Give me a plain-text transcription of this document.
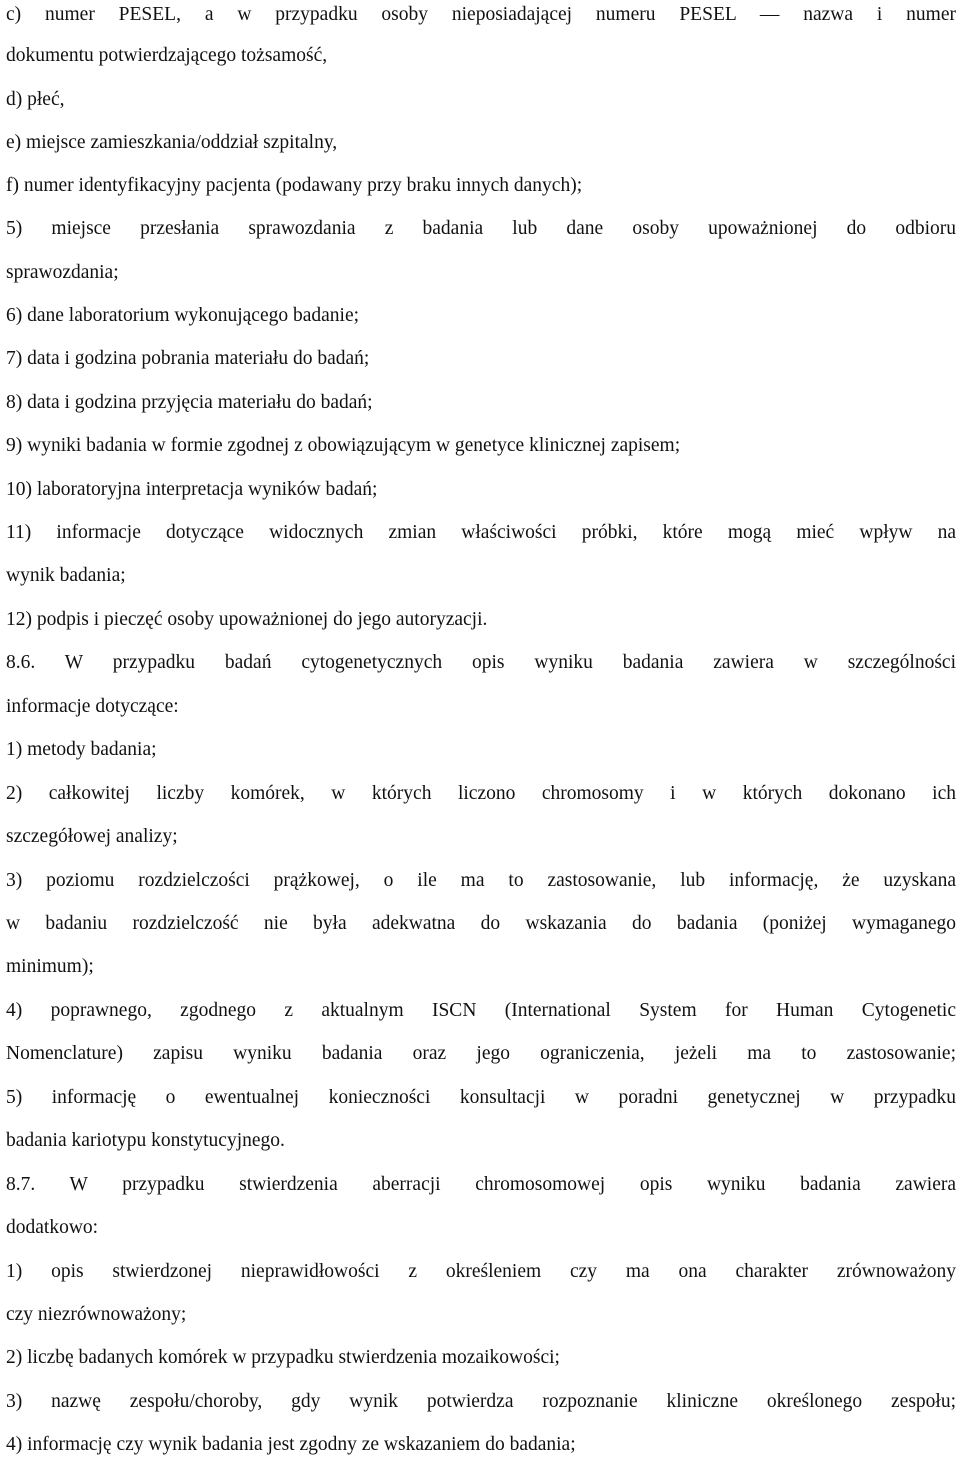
c) numer PESEL, a w przypadku osoby nieposiadającej numeru PESEL — nazwa i numer
dokumentu potwierdzającego tożsamość,
d) płeć,
e) miejsce zamieszkania/oddział szpitalny,
f) numer identyfikacyjny pacjenta (podawany przy braku innych danych);
5) miejsce przesłania sprawozdania z badania lub dane osoby upoważnionej do odbioru
sprawozdania;
6) dane laboratorium wykonującego badanie;
7) data i godzina pobrania materiału do badań;
8) data i godzina przyjęcia materiału do badań;
9) wyniki badania w formie zgodnej z obowiązującym w genetyce klinicznej zapisem;
10) laboratoryjna interpretacja wyników badań;
11) informacje dotyczące widocznych zmian właściwości próbki, które mogą mieć wpływ na
wynik badania;
12) podpis i pieczęć osoby upoważnionej do jego autoryzacji.
8.6. W przypadku badań cytogenetycznych opis wyniku badania zawiera w szczególności
informacje dotyczące:
1) metody badania;
2) całkowitej liczby komórek, w których liczono chromosomy i w których dokonano ich
szczegółowej analizy;
3) poziomu rozdzielczości prążkowej, o ile ma to zastosowanie, lub informację, że uzyskana
w badaniu rozdzielczość nie była adekwatna do wskazania do badania (poniżej wymaganego
minimum);
4) poprawnego, zgodnego z aktualnym ISCN (International System for Human Cytogenetic
Nomenclature) zapisu wyniku badania oraz jego ograniczenia, jeżeli ma to zastosowanie;
5) informację o ewentualnej konieczności konsultacji w poradni genetycznej w przypadku
badania kariotypu konstytucyjnego.
8.7. W przypadku stwierdzenia aberracji chromosomowej opis wyniku badania zawiera
dodatkowo:
1) opis stwierdzonej nieprawidłowości z określeniem czy ma ona charakter zrównoważony
czy niezrównoważony;
2) liczbę badanych komórek w przypadku stwierdzenia mozaikowości;
3) nazwę zespołu/choroby, gdy wynik potwierdza rozpoznanie kliniczne określonego zespołu;
4) informację czy wynik badania jest zgodny ze wskazaniem do badania;
